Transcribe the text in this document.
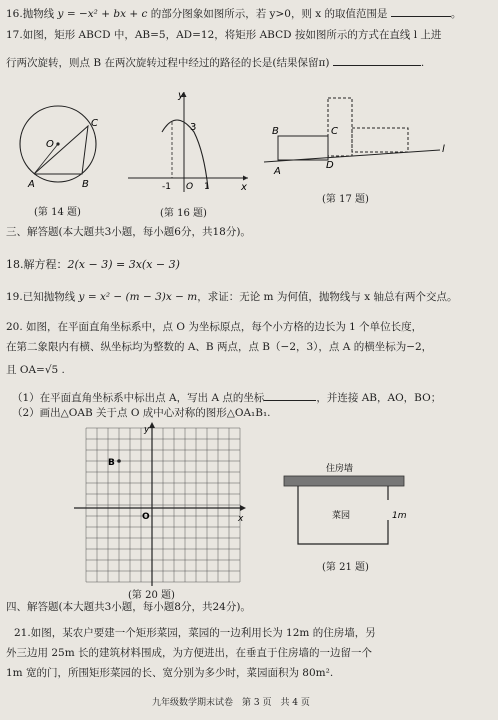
16.抛物线 y = −x² + bx + c 的部分图象如图所示，若 y>0，则 x 的取值范围是	。
17.如图，矩形 ABCD 中，AB=5，AD=12，将矩形 ABCD 按如图所示的方式在直线 l 上进
行两次旋转，则点 B 在两次旋转过程中经过的路径的长是(结果保留π)	.
O
A	B
C
(第 14 题)
y
x
3
-1 O 1
(第 16 题)
B	C
A
D
l
(第 17 题)
三、解答题(本大题共3小题，每小题6分，共18分)。
18.解方程：2(x − 3) = 3x(x − 3)
19.已知抛物线 y = x² − (m − 3)x − m，求证：无论 m 为何值，抛物线与 x 轴总有两个交点。
20. 如图，在平面直角坐标系中，点 O 为坐标原点，每个小方格的边长为 1 个单位长度，
在第二象限内有横、纵坐标均为整数的 A、B 两点，点 B（−2，3），点 A 的横坐标为−2，
且 OA=√5 .
（1）在平面直角坐标系中标出点 A，写出 A 点的坐标	，并连接 AB，AO，BO；
（2）画出△OAB 关于点 O 成中心对称的图形△OA₁B₁.
B
y
x
O
(第 20 题)
住房墙
菜园	1m
(第 21 题)
四、解答题(本大题共3小题，每小题8分，共24分)。
21.如图，某农户要建一个矩形菜园，菜园的一边利用长为 12m 的住房墙，另
外三边用 25m 长的建筑材料围成，为方便进出，在垂直于住房墙的一边留一个
1m 宽的门，所围矩形菜园的长、宽分别为多少时，菜园面积为 80m².
九年级数学期末试卷　第 3 页　共 4 页
